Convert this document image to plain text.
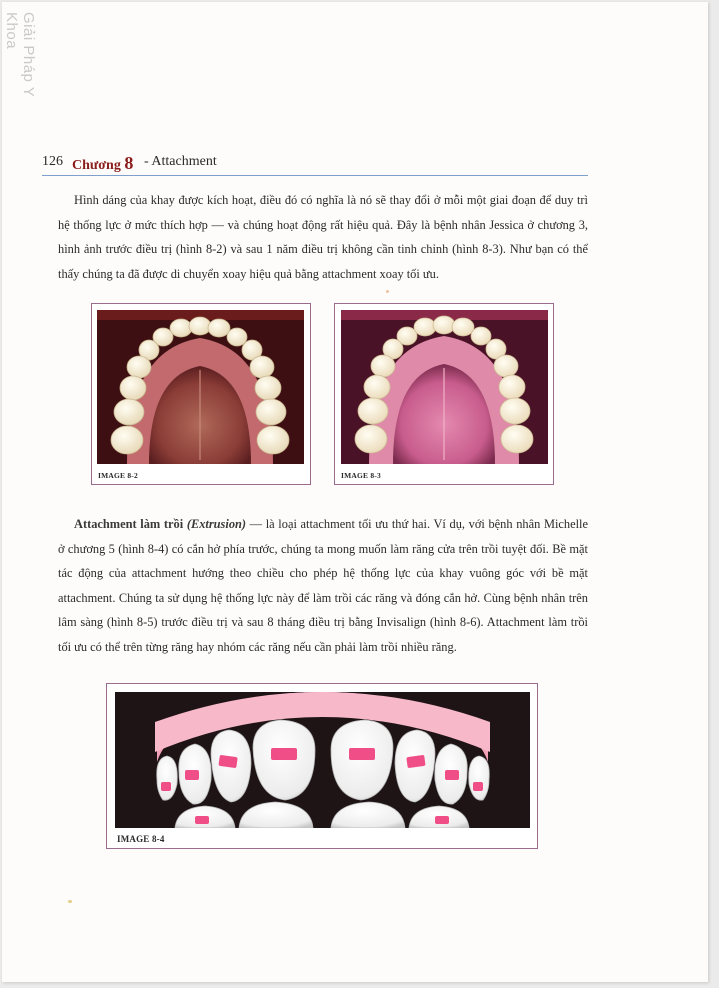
Giải Pháp Y Khoa
126 Chương 8 - Attachment

Hình dáng của khay được kích hoạt, điều đó có nghĩa là nó sẽ thay đổi ở mỗi một giai đoạn để duy trì hệ thống lực ở mức thích hợp — và chúng hoạt động rất hiệu quả. Đây là bệnh nhân Jessica ở chương 3, hình ảnh trước điều trị (hình 8-2) và sau 1 năm điều trị không cần tinh chỉnh (hình 8-3). Như bạn có thể thấy chúng ta đã được di chuyển xoay hiệu quả bằng attachment xoay tối ưu.

IMAGE 8-2	IMAGE 8-3

Attachment làm trồi (Extrusion) — là loại attachment tối ưu thứ hai. Ví dụ, với bệnh nhân Michelle ở chương 5 (hình 8-4) có cắn hở phía trước, chúng ta mong muốn làm răng cửa trên trồi tuyệt đối. Bề mặt tác động của attachment hướng theo chiều cho phép hệ thống lực của khay vuông góc với bề mặt attachment. Chúng ta sử dụng hệ thống lực này để làm trồi các răng và đóng cắn hở. Cùng bệnh nhân trên lâm sàng (hình 8-5) trước điều trị và sau 8 tháng điều trị bằng Invisalign (hình 8-6). Attachment làm trồi tối ưu có thể trên từng răng hay nhóm các răng nếu cần phải làm trồi nhiều răng.

IMAGE 8-4
